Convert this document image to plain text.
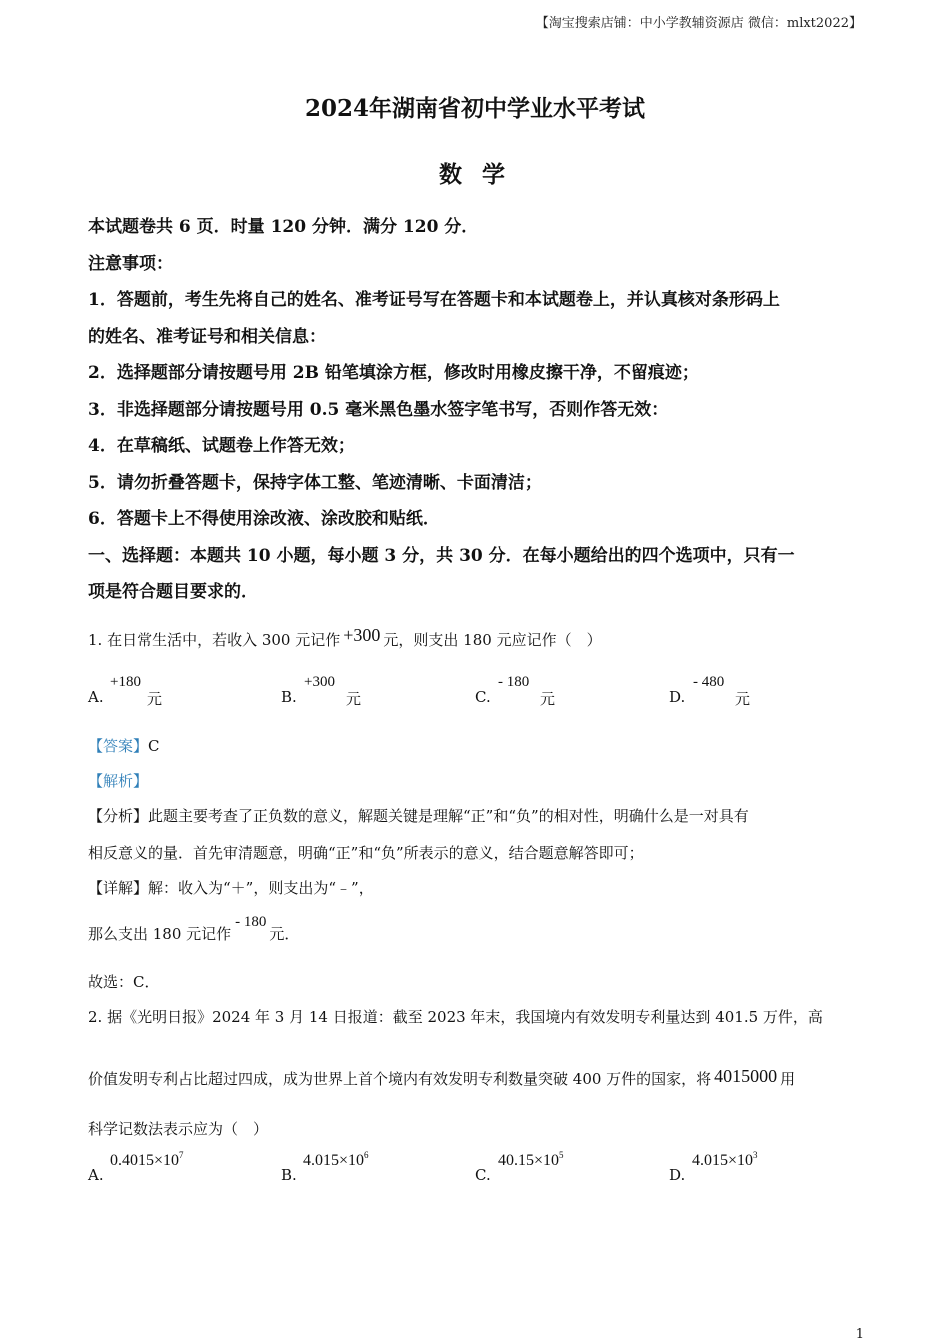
【淘宝搜索店铺：中小学教辅资源店 微信：mlxt2022】
2024年湖南省初中学业水平考试
数 学
本试题卷共 6 页．时量 120 分钟．满分 120 分．
注意事项：
1．答题前，考生先将自己的姓名、准考证号写在答题卡和本试题卷上，并认真核对条形码上
的姓名、准考证号和相关信息：
2．选择题部分请按题号用 2B 铅笔填涂方框，修改时用橡皮擦干净，不留痕迹；
3．非选择题部分请按题号用 0.5 毫米黑色墨水签字笔书写，否则作答无效：
4．在草稿纸、试题卷上作答无效；
5．请勿折叠答题卡，保持字体工整、笔迹清晰、卡面清洁；
6．答题卡上不得使用涂改液、涂改胶和贴纸．
一、选择题：本题共 10 小题，每小题 3 分，共 30 分．在每小题给出的四个选项中，只有一
项是符合题目要求的．
1. 在日常生活中，若收入 300 元记作 +300 元，则支出 180 元应记作（　）
A.
+180
元	B.
+300
元	C.
- 180
元	D.
- 480
元
【答案】C
【解析】
【分析】此题主要考查了正负数的意义，解题关键是理解“正”和“负”的相对性，明确什么是一对具有
相反意义的量．首先审清题意，明确“正”和“负”所表示的意义，结合题意解答即可；
【详解】解：收入为“＋”，则支出为“﹣”，
那么支出 180 元记作- 180元．
故选：C．
2. 据《光明日报》2024 年 3 月 14 日报道：截至 2023 年末，我国境内有效发明专利量达到 401.5 万件，高
价值发明专利占比超过四成，成为世界上首个境内有效发明专利数量突破 400 万件的国家，将 4015000 用
科学记数法表示应为（　）
A.
$0.4015\times 10^7$
B.
$4.015\times 10^6$
C.
$40.15\times 10^5$
D.
$4.015\times 10^3$
1
